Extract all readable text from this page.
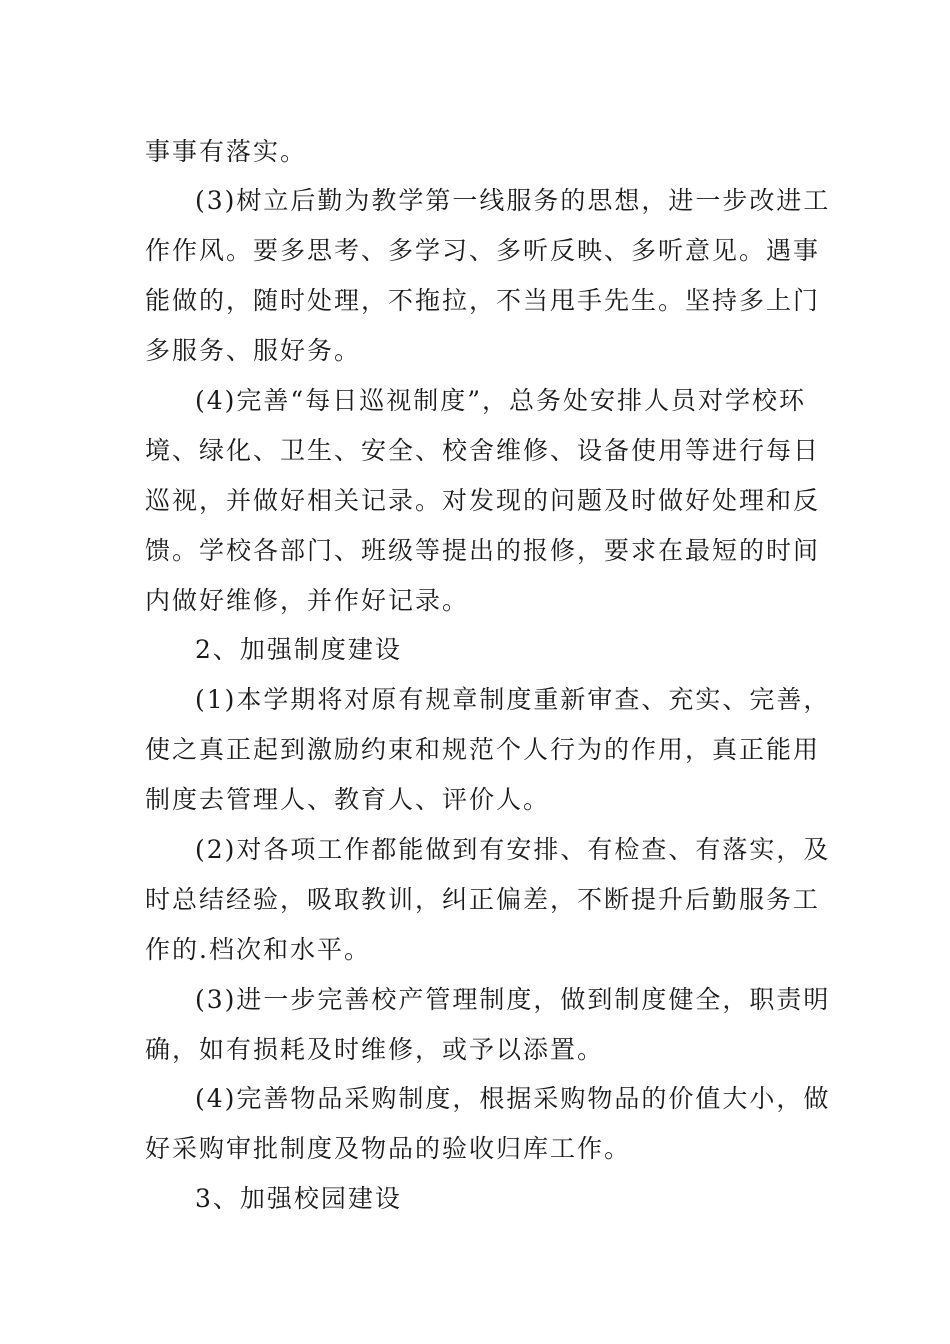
事事有落实。
(3)树立后勤为教学第一线服务的思想，进一步改进工
作作风。要多思考、多学习、多听反映、多听意见。遇事
能做的，随时处理，不拖拉，不当甩手先生。坚持多上门
多服务、服好务。
(4)完善“每日巡视制度”，总务处安排人员对学校环
境、绿化、卫生、安全、校舍维修、设备使用等进行每日
巡视，并做好相关记录。对发现的问题及时做好处理和反
馈。学校各部门、班级等提出的报修，要求在最短的时间
内做好维修，并作好记录。
2、加强制度建设
(1)本学期将对原有规章制度重新审查、充实、完善，
使之真正起到激励约束和规范个人行为的作用，真正能用
制度去管理人、教育人、评价人。
(2)对各项工作都能做到有安排、有检查、有落实，及
时总结经验，吸取教训，纠正偏差，不断提升后勤服务工
作的.档次和水平。
(3)进一步完善校产管理制度，做到制度健全，职责明
确，如有损耗及时维修，或予以添置。
(4)完善物品采购制度，根据采购物品的价值大小，做
好采购审批制度及物品的验收归库工作。
3、加强校园建设
